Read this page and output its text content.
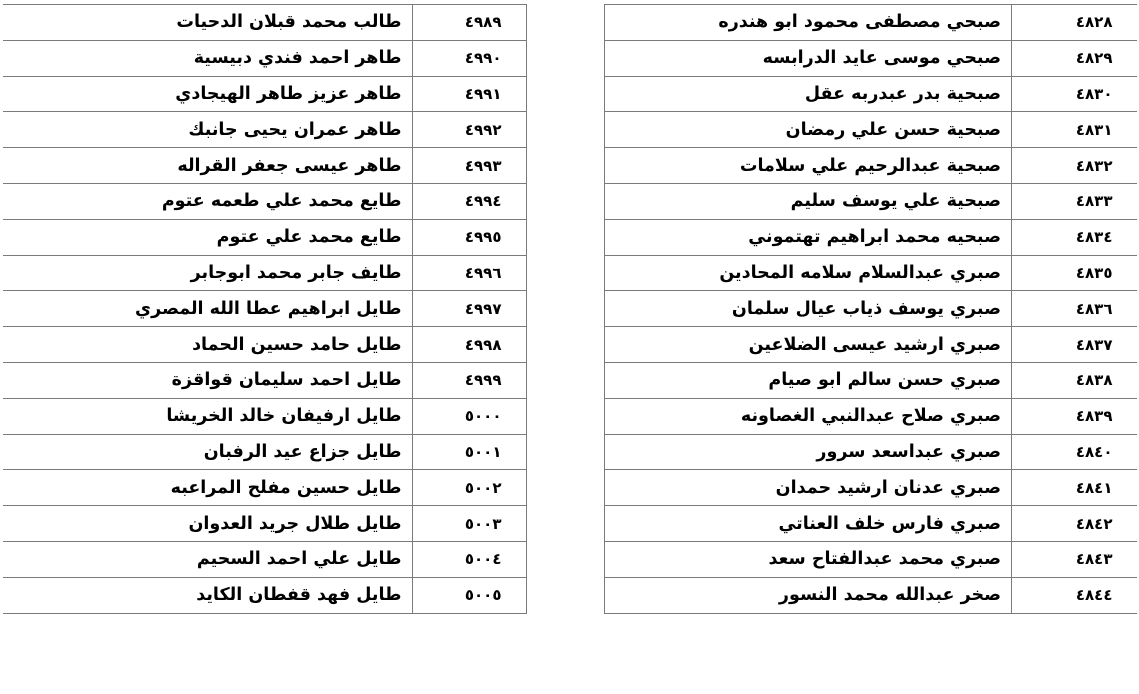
طالب محمد قبلان الدحيات	٤٩٨٩
طاهر احمد فندي دبيسية	٤٩٩٠
طاهر عزيز طاهر الهيجادي	٤٩٩١
طاهر عمران يحيى جانبك	٤٩٩٢
طاهر عيسى جعفر القراله	٤٩٩٣
طايع محمد علي طعمه عتوم	٤٩٩٤
طايع محمد علي عتوم	٤٩٩٥
طايف جابر محمد ابوجابر	٤٩٩٦
طايل ابراهيم عطا الله المصري	٤٩٩٧
طايل حامد حسين الحماد	٤٩٩٨
طايل احمد سليمان قواقزة	٤٩٩٩
طايل ارفيفان خالد الخريشا	٥٠٠٠
طايل جزاع عيد الرفبان	٥٠٠١
طايل حسين مفلح المراعبه	٥٠٠٢
طايل طلال جريد العدوان	٥٠٠٣
طايل علي احمد السحيم	٥٠٠٤
طايل فهد قفطان الكايد	٥٠٠٥
صبحي مصطفى محمود ابو هندره	٤٨٢٨
صبحي موسى عايد الدرابسه	٤٨٢٩
صبحية بدر عبدربه عقل	٤٨٣٠
صبحية حسن علي رمضان	٤٨٣١
صبحية عبدالرحيم علي سلامات	٤٨٣٢
صبحية علي يوسف سليم	٤٨٣٣
صبحيه محمد ابراهيم تهتموني	٤٨٣٤
صبري عبدالسلام سلامه المحادين	٤٨٣٥
صبري يوسف ذياب عيال سلمان	٤٨٣٦
صبري ارشيد عيسى الضلاعين	٤٨٣٧
صبري حسن سالم ابو صيام	٤٨٣٨
صبري صلاح عبدالنبي الغصاونه	٤٨٣٩
صبري عبداسعد سرور	٤٨٤٠
صبري عدنان ارشيد حمدان	٤٨٤١
صبري فارس خلف العناتي	٤٨٤٢
صبري محمد عبدالفتاح سعد	٤٨٤٣
صخر عبدالله محمد النسور	٤٨٤٤
